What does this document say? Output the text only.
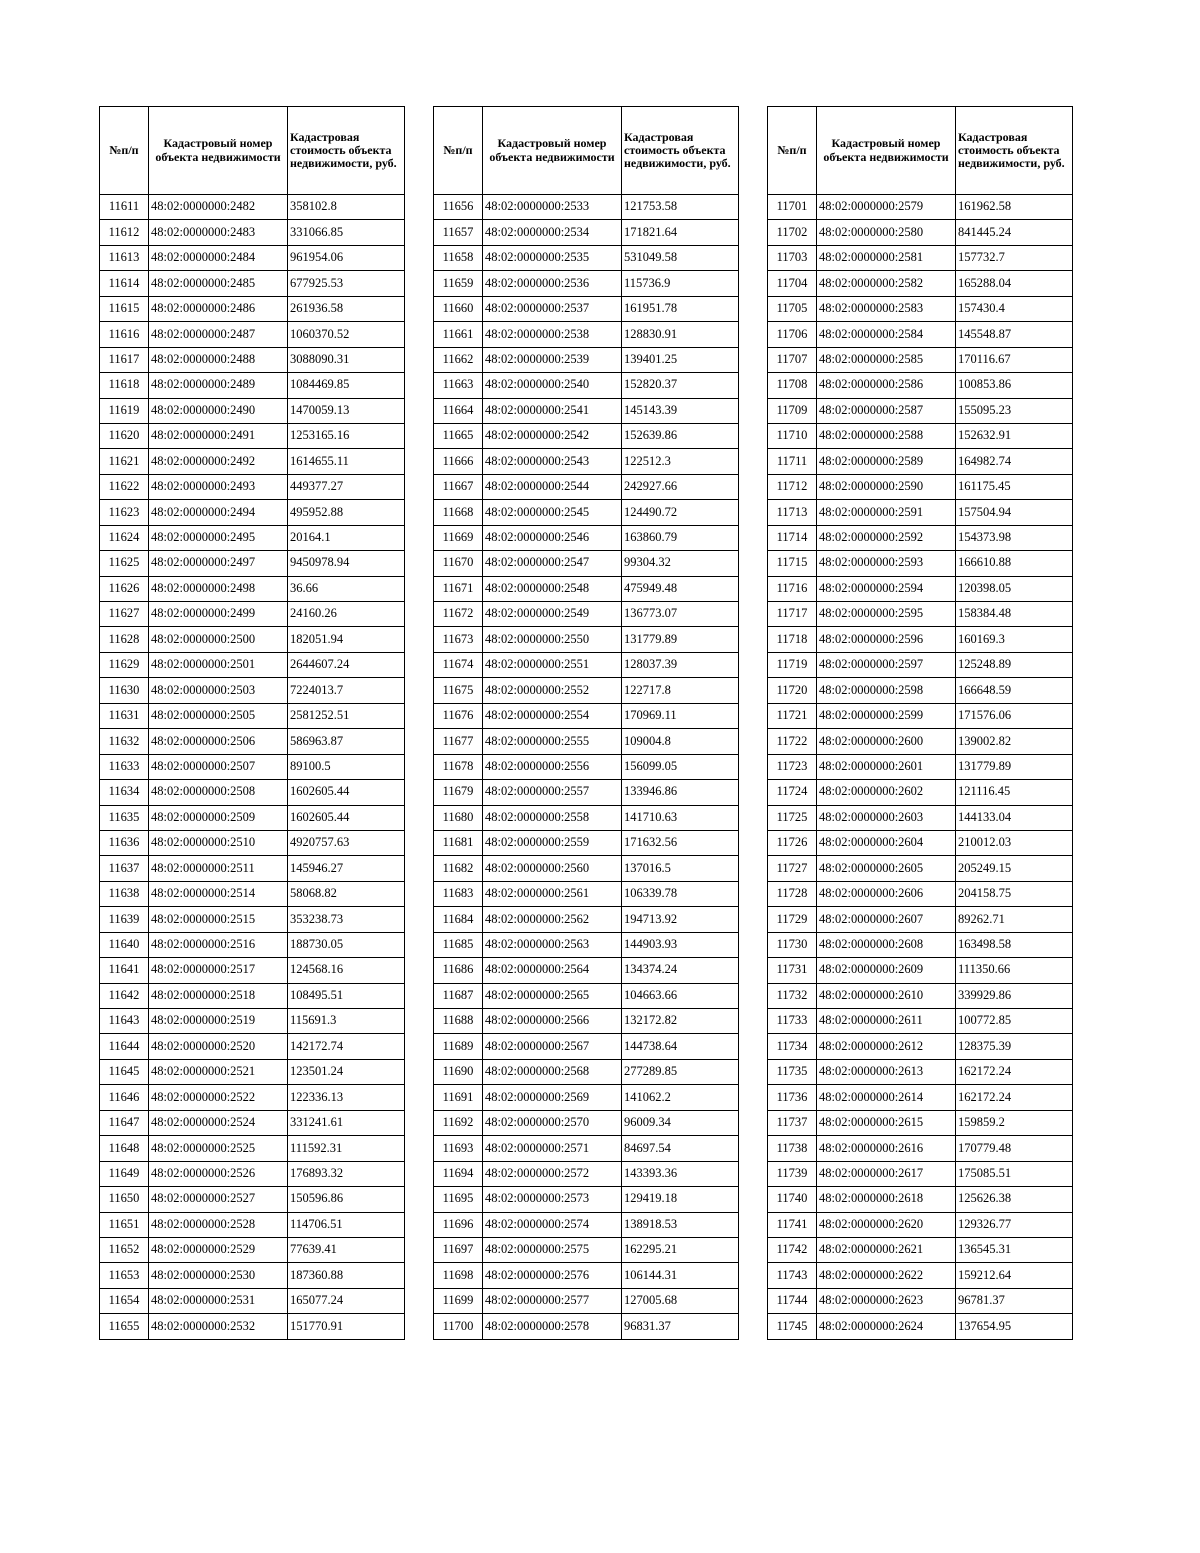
№п/п	Кадастровый номер объекта недвижимости	Кадастровая стоимость объекта недвижимости, руб.
11611	48:02:0000000:2482	358102.8
11612	48:02:0000000:2483	331066.85
11613	48:02:0000000:2484	961954.06
11614	48:02:0000000:2485	677925.53
11615	48:02:0000000:2486	261936.58
11616	48:02:0000000:2487	1060370.52
11617	48:02:0000000:2488	3088090.31
11618	48:02:0000000:2489	1084469.85
11619	48:02:0000000:2490	1470059.13
11620	48:02:0000000:2491	1253165.16
11621	48:02:0000000:2492	1614655.11
11622	48:02:0000000:2493	449377.27
11623	48:02:0000000:2494	495952.88
11624	48:02:0000000:2495	20164.1
11625	48:02:0000000:2497	9450978.94
11626	48:02:0000000:2498	36.66
11627	48:02:0000000:2499	24160.26
11628	48:02:0000000:2500	182051.94
11629	48:02:0000000:2501	2644607.24
11630	48:02:0000000:2503	7224013.7
11631	48:02:0000000:2505	2581252.51
11632	48:02:0000000:2506	586963.87
11633	48:02:0000000:2507	89100.5
11634	48:02:0000000:2508	1602605.44
11635	48:02:0000000:2509	1602605.44
11636	48:02:0000000:2510	4920757.63
11637	48:02:0000000:2511	145946.27
11638	48:02:0000000:2514	58068.82
11639	48:02:0000000:2515	353238.73
11640	48:02:0000000:2516	188730.05
11641	48:02:0000000:2517	124568.16
11642	48:02:0000000:2518	108495.51
11643	48:02:0000000:2519	115691.3
11644	48:02:0000000:2520	142172.74
11645	48:02:0000000:2521	123501.24
11646	48:02:0000000:2522	122336.13
11647	48:02:0000000:2524	331241.61
11648	48:02:0000000:2525	111592.31
11649	48:02:0000000:2526	176893.32
11650	48:02:0000000:2527	150596.86
11651	48:02:0000000:2528	114706.51
11652	48:02:0000000:2529	77639.41
11653	48:02:0000000:2530	187360.88
11654	48:02:0000000:2531	165077.24
11655	48:02:0000000:2532	151770.91
№п/п	Кадастровый номер объекта недвижимости	Кадастровая стоимость объекта недвижимости, руб.
11656	48:02:0000000:2533	121753.58
11657	48:02:0000000:2534	171821.64
11658	48:02:0000000:2535	531049.58
11659	48:02:0000000:2536	115736.9
11660	48:02:0000000:2537	161951.78
11661	48:02:0000000:2538	128830.91
11662	48:02:0000000:2539	139401.25
11663	48:02:0000000:2540	152820.37
11664	48:02:0000000:2541	145143.39
11665	48:02:0000000:2542	152639.86
11666	48:02:0000000:2543	122512.3
11667	48:02:0000000:2544	242927.66
11668	48:02:0000000:2545	124490.72
11669	48:02:0000000:2546	163860.79
11670	48:02:0000000:2547	99304.32
11671	48:02:0000000:2548	475949.48
11672	48:02:0000000:2549	136773.07
11673	48:02:0000000:2550	131779.89
11674	48:02:0000000:2551	128037.39
11675	48:02:0000000:2552	122717.8
11676	48:02:0000000:2554	170969.11
11677	48:02:0000000:2555	109004.8
11678	48:02:0000000:2556	156099.05
11679	48:02:0000000:2557	133946.86
11680	48:02:0000000:2558	141710.63
11681	48:02:0000000:2559	171632.56
11682	48:02:0000000:2560	137016.5
11683	48:02:0000000:2561	106339.78
11684	48:02:0000000:2562	194713.92
11685	48:02:0000000:2563	144903.93
11686	48:02:0000000:2564	134374.24
11687	48:02:0000000:2565	104663.66
11688	48:02:0000000:2566	132172.82
11689	48:02:0000000:2567	144738.64
11690	48:02:0000000:2568	277289.85
11691	48:02:0000000:2569	141062.2
11692	48:02:0000000:2570	96009.34
11693	48:02:0000000:2571	84697.54
11694	48:02:0000000:2572	143393.36
11695	48:02:0000000:2573	129419.18
11696	48:02:0000000:2574	138918.53
11697	48:02:0000000:2575	162295.21
11698	48:02:0000000:2576	106144.31
11699	48:02:0000000:2577	127005.68
11700	48:02:0000000:2578	96831.37
№п/п	Кадастровый номер объекта недвижимости	Кадастровая стоимость объекта недвижимости, руб.
11701	48:02:0000000:2579	161962.58
11702	48:02:0000000:2580	841445.24
11703	48:02:0000000:2581	157732.7
11704	48:02:0000000:2582	165288.04
11705	48:02:0000000:2583	157430.4
11706	48:02:0000000:2584	145548.87
11707	48:02:0000000:2585	170116.67
11708	48:02:0000000:2586	100853.86
11709	48:02:0000000:2587	155095.23
11710	48:02:0000000:2588	152632.91
11711	48:02:0000000:2589	164982.74
11712	48:02:0000000:2590	161175.45
11713	48:02:0000000:2591	157504.94
11714	48:02:0000000:2592	154373.98
11715	48:02:0000000:2593	166610.88
11716	48:02:0000000:2594	120398.05
11717	48:02:0000000:2595	158384.48
11718	48:02:0000000:2596	160169.3
11719	48:02:0000000:2597	125248.89
11720	48:02:0000000:2598	166648.59
11721	48:02:0000000:2599	171576.06
11722	48:02:0000000:2600	139002.82
11723	48:02:0000000:2601	131779.89
11724	48:02:0000000:2602	121116.45
11725	48:02:0000000:2603	144133.04
11726	48:02:0000000:2604	210012.03
11727	48:02:0000000:2605	205249.15
11728	48:02:0000000:2606	204158.75
11729	48:02:0000000:2607	89262.71
11730	48:02:0000000:2608	163498.58
11731	48:02:0000000:2609	111350.66
11732	48:02:0000000:2610	339929.86
11733	48:02:0000000:2611	100772.85
11734	48:02:0000000:2612	128375.39
11735	48:02:0000000:2613	162172.24
11736	48:02:0000000:2614	162172.24
11737	48:02:0000000:2615	159859.2
11738	48:02:0000000:2616	170779.48
11739	48:02:0000000:2617	175085.51
11740	48:02:0000000:2618	125626.38
11741	48:02:0000000:2620	129326.77
11742	48:02:0000000:2621	136545.31
11743	48:02:0000000:2622	159212.64
11744	48:02:0000000:2623	96781.37
11745	48:02:0000000:2624	137654.95
